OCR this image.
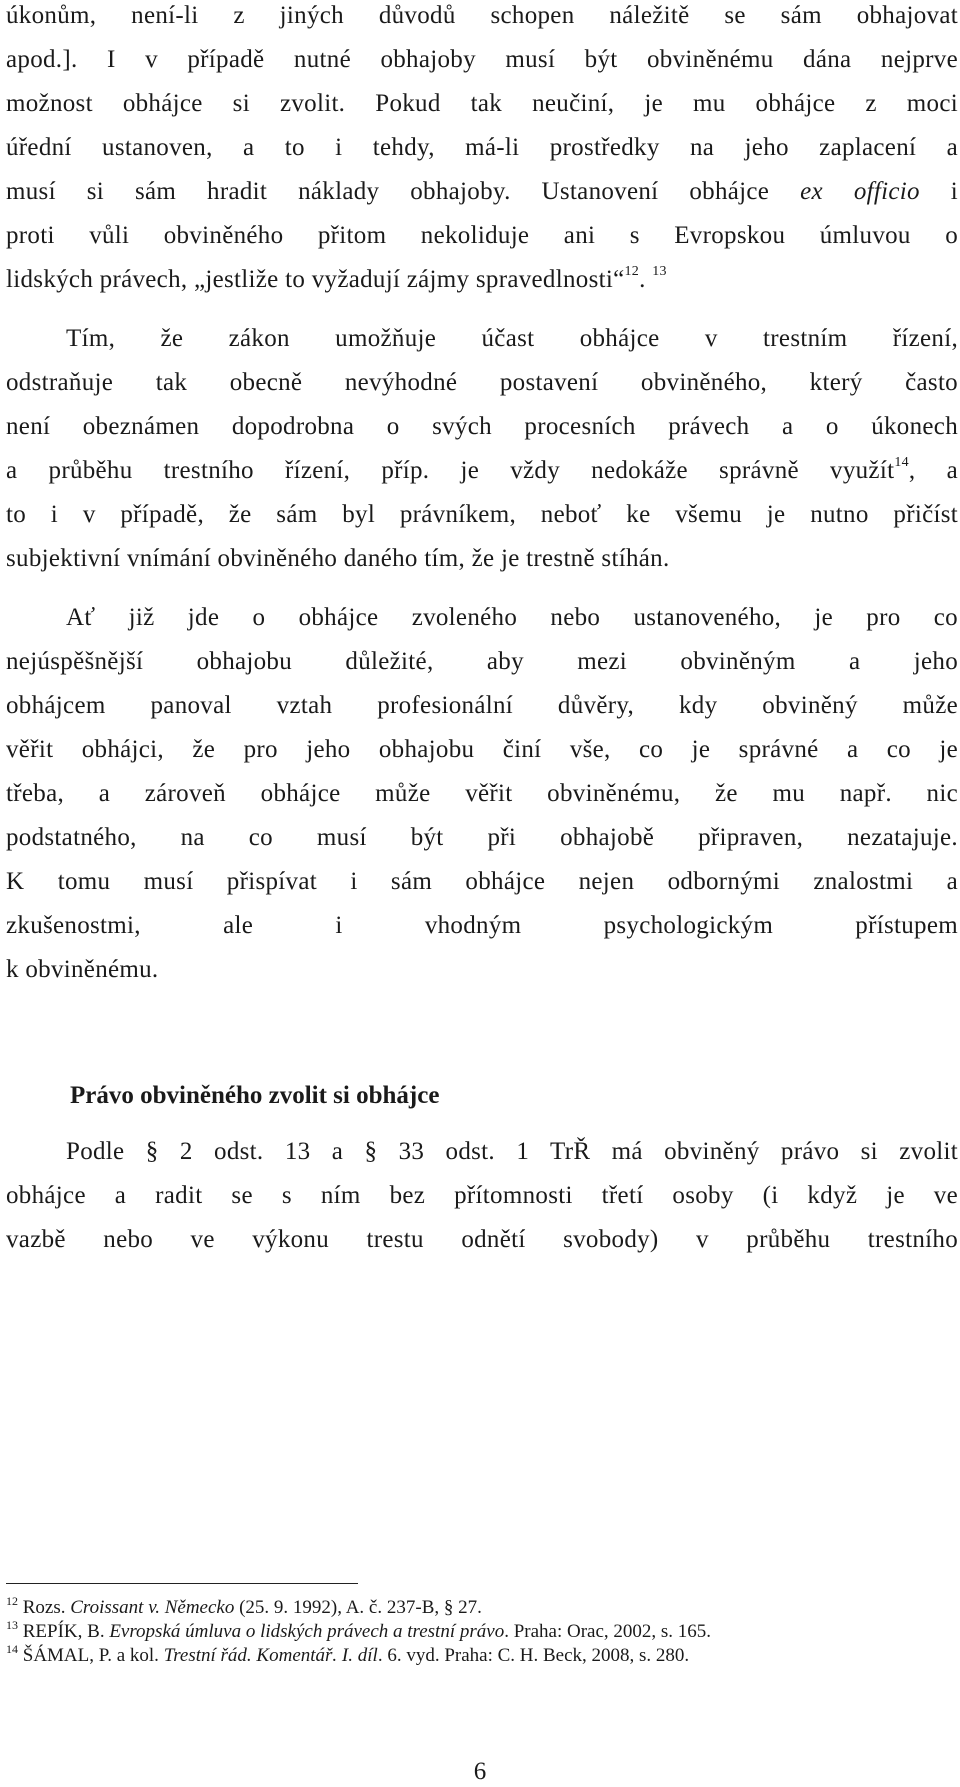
úkonům, není-li z jiných důvodů schopen náležitě se sám obhajovat
apod.]. I v případě nutné obhajoby musí být obviněnému dána nejprve
možnost obhájce si zvolit. Pokud tak neučiní, je mu obhájce z moci
úřední ustanoven, a to i tehdy, má-li prostředky na jeho zaplacení a
musí si sám hradit náklady obhajoby. Ustanovení obhájce ex officio i
proti vůli obviněného přitom nekoliduje ani s Evropskou úmluvou o
lidských právech, „jestliže to vyžadují zájmy spravedlnosti“$^{12}$. $^{13}$
Tím, že zákon umožňuje účast obhájce v trestním řízení,
odstraňuje tak obecně nevýhodné postavení obviněného, který často
není obeznámen dopodrobna o svých procesních právech a o úkonech
a průběhu trestního řízení, příp. je vždy nedokáže správně využít$^{14}$, a
to i v případě, že sám byl právníkem, neboť ke všemu je nutno přičíst
subjektivní vnímání obviněného daného tím, že je trestně stíhán.
Ať již jde o obhájce zvoleného nebo ustanoveného, je pro co
nejúspěšnější obhajobu důležité, aby mezi obviněným a jeho
obhájcem panoval vztah profesionální důvěry, kdy obviněný může
věřit obhájci, že pro jeho obhajobu činí vše, co je správné a co je
třeba, a zároveň obhájce může věřit obviněnému, že mu např. nic
podstatného, na co musí být při obhajobě připraven, nezatajuje.
K tomu musí přispívat i sám obhájce nejen odbornými znalostmi a
zkušenostmi, ale i vhodným psychologickým přístupem
k obviněnému.
Právo obviněného zvolit si obhájce
Podle § 2 odst. 13 a § 33 odst. 1 TrŘ má obviněný právo si zvolit
obhájce a radit se s ním bez přítomnosti třetí osoby (i když je ve
vazbě nebo ve výkonu trestu odnětí svobody) v průběhu trestního
$^{12}$ Rozs. Croissant v. Německo (25. 9. 1992), A. č. 237-B, § 27.
$^{13}$ REPÍK, B. Evropská úmluva o lidských právech a trestní právo. Praha: Orac, 2002, s. 165.
$^{14}$ ŠÁMAL, P. a kol. Trestní řád. Komentář. I. díl. 6. vyd. Praha: C. H. Beck, 2008, s. 280.
6
